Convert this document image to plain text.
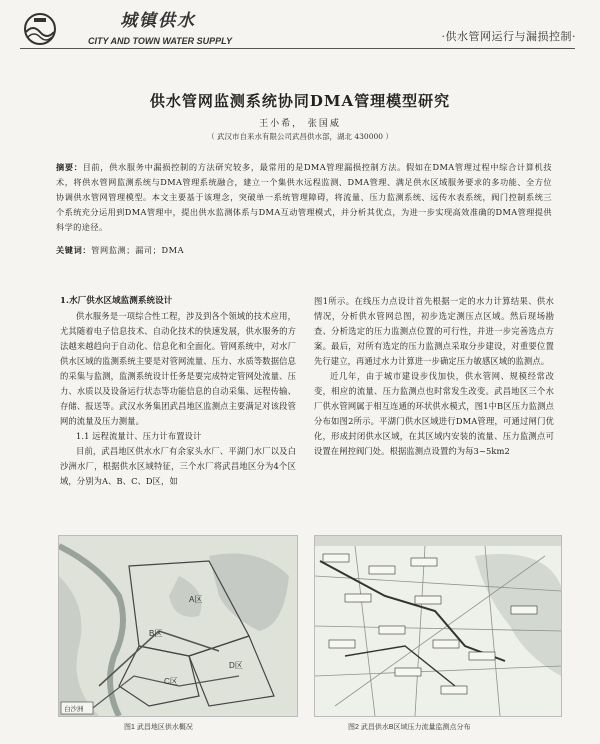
城镇供水
CITY AND TOWN WATER SUPPLY	·供水管网运行与漏损控制·
供水管网监测系统协同DMA管理模型研究
王小希， 张国威
（ 武汉市自来水有限公司武昌供水部，湖北 430000 ）
摘要：目前，供水服务中漏损控制的方法研究较多，最常用的是DMA管理漏损控制方法。假如在DMA管理过程中综合计算机技术，将供水管网监测系统与DMA管理系统融合，建立一个集供水远程监测、DMA管理、满足供水区域服务要求的多功能、全方位协调供水管网管理模型。本文主要基于该理念，突破单一系统管理障碍，将流量、压力监测系统、远传水表系统，阀门控制系统三个系统充分运用到DMA管理中，提出供水监测体系与DMA互动管理模式，并分析其优点，为进一步实现高效准确的DMA管理提供科学的途径。
关键词：管网监测；漏司；DMA

1.水厂供水区域监测系统设计

供水服务是一项综合性工程，涉及到各个领域的技术应用，尤其随着电子信息技术、自动化技术的快速发展，供水服务的方法越来越趋向于自动化、信息化和全面化。管网系统中，对水厂供水区域的监测系统主要是对管网流量、压力、水质等数据信息的采集与监测，监测系统设计任务是要完成特定管网处流量、压力、水质以及设备运行状态等功能信息的自动采集、远程传输、存储、报送等。武汉水务集团武昌地区监测点主要满足对该段管网的流量及压力测量。

1.1 远程流量计、压力计布置设计

目前，武昌地区供水水厂有余家头水厂、平湖门水厂以及白沙洲水厂，根据供水区域特征，三个水厂将武昌地区分为4个区域，分别为A、B、C、D区，如

图1所示。在线压力点设计首先根据一定的水力计算结果、供水情况，分析供水管网总图，初步选定测压点区域。然后现场勘查、分析选定的压力监测点位置的可行性，并进一步完善选点方案。最后，对所有选定的压力监测点采取分步建设，对重要位置先行建立，再通过水力计算进一步确定压力敏感区域的监测点。

近几年，由于城市建设步伐加快，供水管网、规模经常改变，相应的流量、压力监测点也时常发生改变。武昌地区三个水厂供水管网属于相互连通的环状供水模式，图1中B区压力监测点分布如图2所示。平湖门供水区域进行DMA管理，可通过闸门优化，形成封闭供水区域，在其区域内安装的流量、压力监测点可设置在闸控阀门处。根据监测点设置约为每3~5km2

A区
B区
C区
D区
白沙洲
图1 武昌地区供水概况	图2 武昌供水B区域压力流量监测点分布
